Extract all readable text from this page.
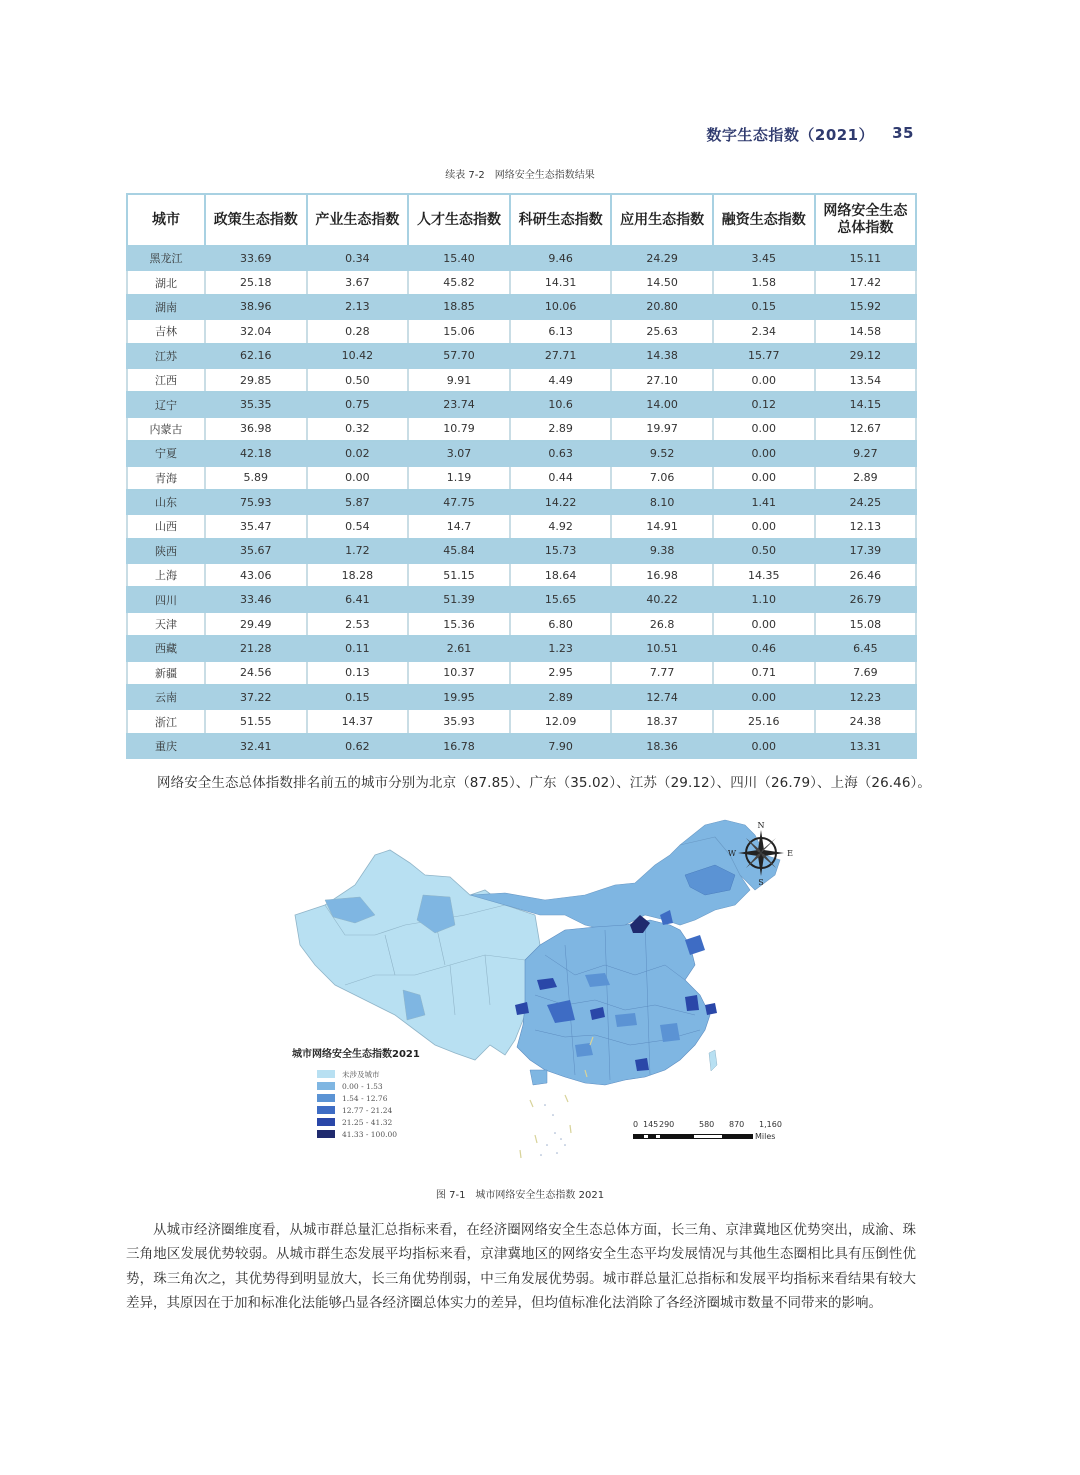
数字生态指数（2021） 35
续表 7-2　网络安全生态指数结果
城市	政策生态指数	产业生态指数	人才生态指数	科研生态指数	应用生态指数	融资生态指数	网络安全生态总体指数
黑龙江	33.69	0.34	15.40	9.46	24.29	3.45	15.11
湖北	25.18	3.67	45.82	14.31	14.50	1.58	17.42
湖南	38.96	2.13	18.85	10.06	20.80	0.15	15.92
吉林	32.04	0.28	15.06	6.13	25.63	2.34	14.58
江苏	62.16	10.42	57.70	27.71	14.38	15.77	29.12
江西	29.85	0.50	9.91	4.49	27.10	0.00	13.54
辽宁	35.35	0.75	23.74	10.6	14.00	0.12	14.15
内蒙古	36.98	0.32	10.79	2.89	19.97	0.00	12.67
宁夏	42.18	0.02	3.07	0.63	9.52	0.00	9.27
青海	5.89	0.00	1.19	0.44	7.06	0.00	2.89
山东	75.93	5.87	47.75	14.22	8.10	1.41	24.25
山西	35.47	0.54	14.7	4.92	14.91	0.00	12.13
陕西	35.67	1.72	45.84	15.73	9.38	0.50	17.39
上海	43.06	18.28	51.15	18.64	16.98	14.35	26.46
四川	33.46	6.41	51.39	15.65	40.22	1.10	26.79
天津	29.49	2.53	15.36	6.80	26.8	0.00	15.08
西藏	21.28	0.11	2.61	1.23	10.51	0.46	6.45
新疆	24.56	0.13	10.37	2.95	7.77	0.71	7.69
云南	37.22	0.15	19.95	2.89	12.74	0.00	12.23
浙江	51.55	14.37	35.93	12.09	18.37	25.16	24.38
重庆	32.41	0.62	16.78	7.90	18.36	0.00	13.31
网络安全生态总体指数排名前五的城市分别为北京（87.85）、广东（35.02）、江苏（29.12）、四川（26.79）、上海（26.46）。
N
S
W	E
城市网络安全生态指数2021
未涉及城市
0.00 - 1.53
1.54 - 12.76
12.77 - 21.24
21.25 - 41.32
41.33 - 100.00
0 145 290	580 870 1,160
Miles
图 7-1　城市网络安全生态指数 2021

从城市经济圈维度看，从城市群总量汇总指标来看，在经济圈网络安全生态总体方面，长三角、京津冀地区优势突出，成渝、珠三角地区发展优势较弱。从城市群生态发展平均指标来看，京津冀地区的网络安全生态平均发展情况与其他生态圈相比具有压倒性优势，珠三角次之，其优势得到明显放大，长三角优势削弱，中三角发展优势弱。城市群总量汇总指标和发展平均指标来看结果有较大差异，其原因在于加和标准化法能够凸显各经济圈总体实力的差异，但均值标准化法消除了各经济圈城市数量不同带来的影响。
